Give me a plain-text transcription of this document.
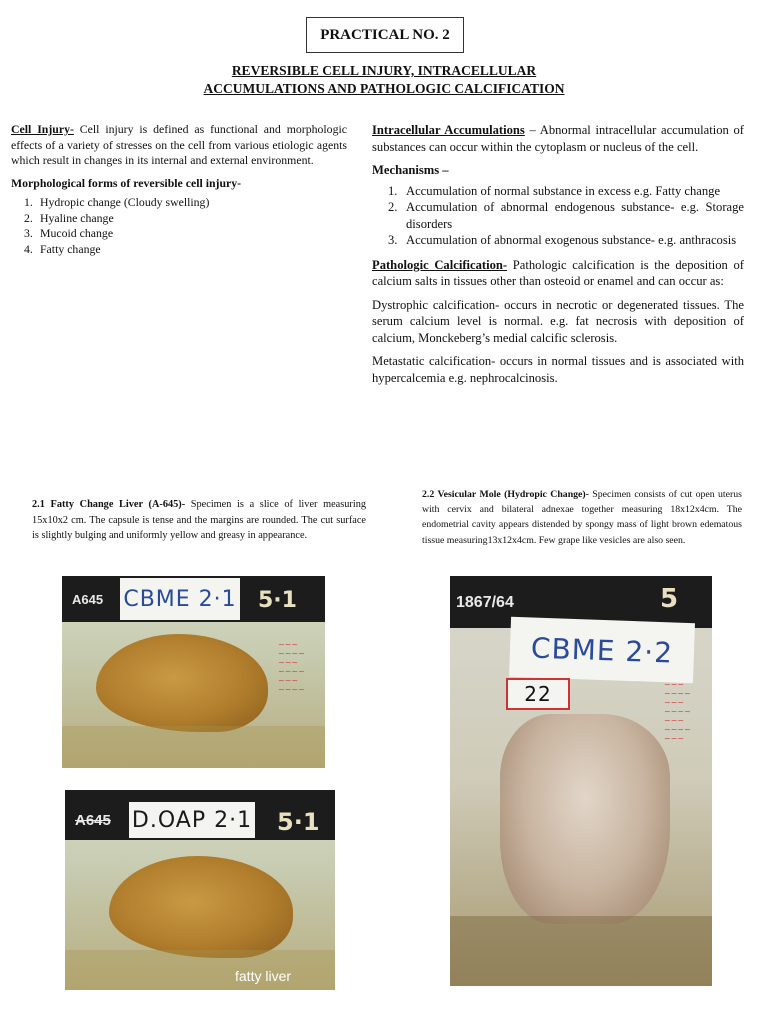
PRACTICAL NO. 2
REVERSIBLE CELL INJURY, INTRACELLULAR
ACCUMULATIONS AND PATHOLOGIC CALCIFICATION

Cell Injury- Cell injury is defined as functional and morphologic effects of a variety of stresses on the cell from various etiologic agents which result in changes in its internal and external environment.

Morphological forms of reversible cell injury-
1. Hydropic change (Cloudy swelling)
2. Hyaline change
3. Mucoid change
4. Fatty change

Intracellular Accumulations – Abnormal intracellular accumulation of substances can occur within the cytoplasm or nucleus of the cell.

Mechanisms –
1. Accumulation of normal substance in excess e.g. Fatty change
2. Accumulation of abnormal endogenous substance- e.g. Storage disorders
3. Accumulation of abnormal exogenous substance- e.g. anthracosis

Pathologic Calcification- Pathologic calcification is the deposition of calcium salts in tissues other than osteoid or enamel and can occur as:

Dystrophic calcification- occurs in necrotic or degenerated tissues. The serum calcium level is normal. e.g. fat necrosis with deposition of calcium, Monckeberg’s medial calcific sclerosis.

Metastatic calcification- occurs in normal tissues and is associated with hypercalcemia e.g. nephrocalcinosis.

2.1 Fatty Change Liver (A-645)- Specimen is a slice of liver measuring 15x10x2 cm. The capsule is tense and the margins are rounded. The cut surface is slightly bulging and uniformly yellow and greasy in appearance.
2.2 Vesicular Mole (Hydropic Change)- Specimen consists of cut open uterus with cervix and bilateral adnexae together measuring 18x12x4cm. The endometrial cavity appears distended by spongy mass of light brown edematous tissue measuring13x12x4cm. Few grape like vesicles are also seen.
A645 CBME 2·1 5·1
~~~
~~~~
~~~
~~~~
~~~
~~~~
A645 D.OAP 2·1 5·1
fatty liver
1867/64	5
CBME 2·2
22	~~~
~~~~
~~~
~~~~
~~~
~~~~
~~~
